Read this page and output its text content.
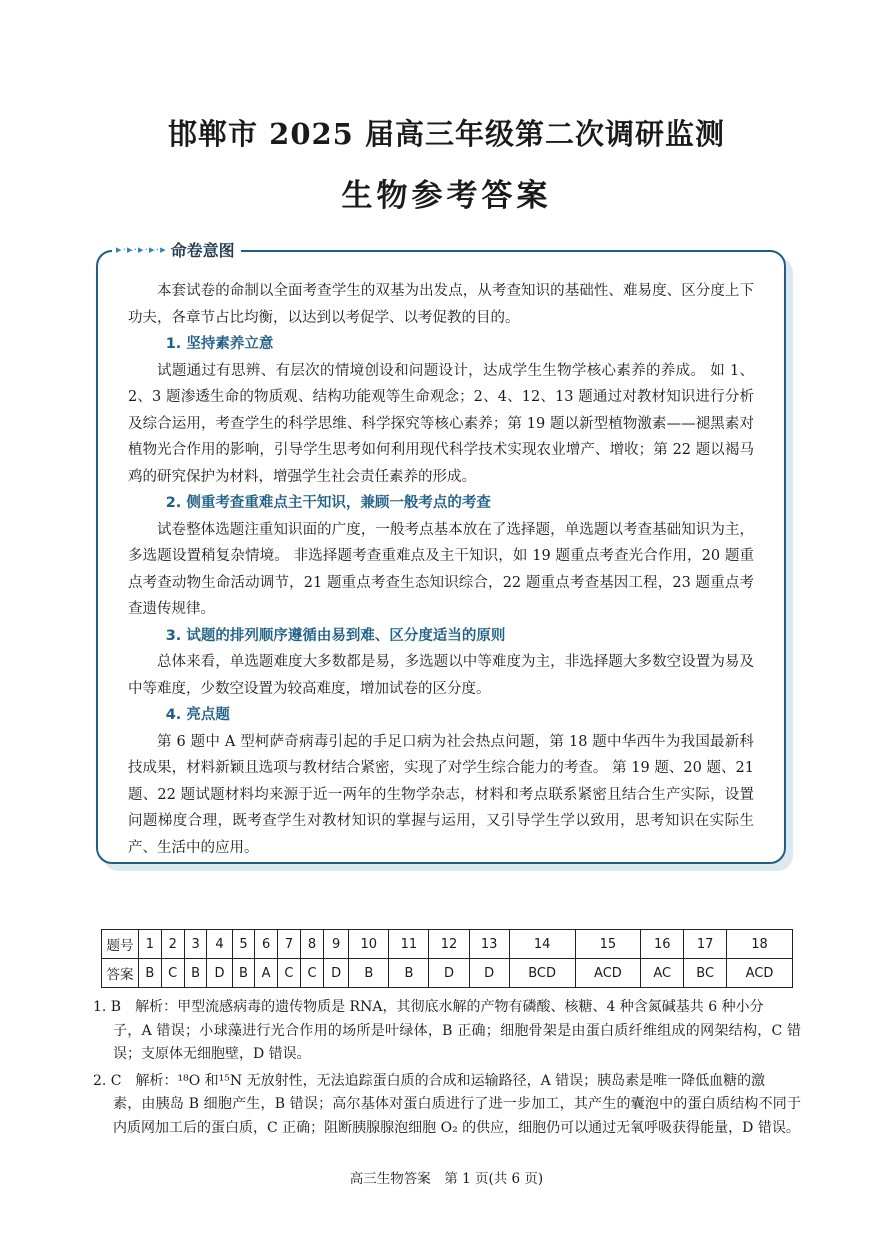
邯郸市 2025 届高三年级第二次调研监测
生物参考答案
▸·▸·▸·▸·▸ 命卷意图

本套试卷的命制以全面考查学生的双基为出发点，从考查知识的基础性、难易度、区分度上下功夫，各章节占比均衡，以达到以考促学、以考促教的目的。

1. 坚持素养立意

试题通过有思辨、有层次的情境创设和问题设计，达成学生生物学核心素养的养成。 如 1、2、3 题渗透生命的物质观、结构功能观等生命观念；2、4、12、13 题通过对教材知识进行分析及综合运用，考查学生的科学思维、科学探究等核心素养；第 19 题以新型植物激素——褪黑素对植物光合作用的影响，引导学生思考如何利用现代科学技术实现农业增产、增收；第 22 题以褐马鸡的研究保护为材料，增强学生社会责任素养的形成。

2. 侧重考查重难点主干知识，兼顾一般考点的考查

试卷整体选题注重知识面的广度，一般考点基本放在了选择题，单选题以考查基础知识为主，多选题设置稍复杂情境。 非选择题考查重难点及主干知识，如 19 题重点考查光合作用，20 题重点考查动物生命活动调节，21 题重点考查生态知识综合，22 题重点考查基因工程，23 题重点考查遗传规律。

3. 试题的排列顺序遵循由易到难、区分度适当的原则

总体来看，单选题难度大多数都是易，多选题以中等难度为主，非选择题大多数空设置为易及中等难度，少数空设置为较高难度，增加试卷的区分度。

4. 亮点题

第 6 题中 A 型柯萨奇病毒引起的手足口病为社会热点问题，第 18 题中华西牛为我国最新科技成果，材料新颖且选项与教材结合紧密，实现了对学生综合能力的考查。 第 19 题、20 题、21 题、22 题试题材料均来源于近一两年的生物学杂志，材料和考点联系紧密且结合生产实际，设置问题梯度合理，既考查学生对教材知识的掌握与运用，又引导学生学以致用，思考知识在实际生产、生活中的应用。

题号	1	2	3	4	5	6	7	8	9	10	11	12	13	14	15	16	17	18
答案	B	C	B	D	B	A	C	C	D	B	B	D	D	BCD	ACD	AC	BC	ACD
1. B　解析：甲型流感病毒的遗传物质是 RNA，其彻底水解的产物有磷酸、核糖、4 种含氮碱基共 6 种小分
子，A 错误；小球藻进行光合作用的场所是叶绿体，B 正确；细胞骨架是由蛋白质纤维组成的网架结构，C 错误；支原体无细胞壁，D 错误。
2. C　解析：¹⁸O 和¹⁵N 无放射性，无法追踪蛋白质的合成和运输路径，A 错误；胰岛素是唯一降低血糖的激
素，由胰岛 B 细胞产生，B 错误；高尔基体对蛋白质进行了进一步加工，其产生的囊泡中的蛋白质结构不同于内质网加工后的蛋白质，C 正确；阻断胰腺腺泡细胞 O₂ 的供应，细胞仍可以通过无氧呼吸获得能量，D 错误。
高三生物答案　第 1 页(共 6 页)
